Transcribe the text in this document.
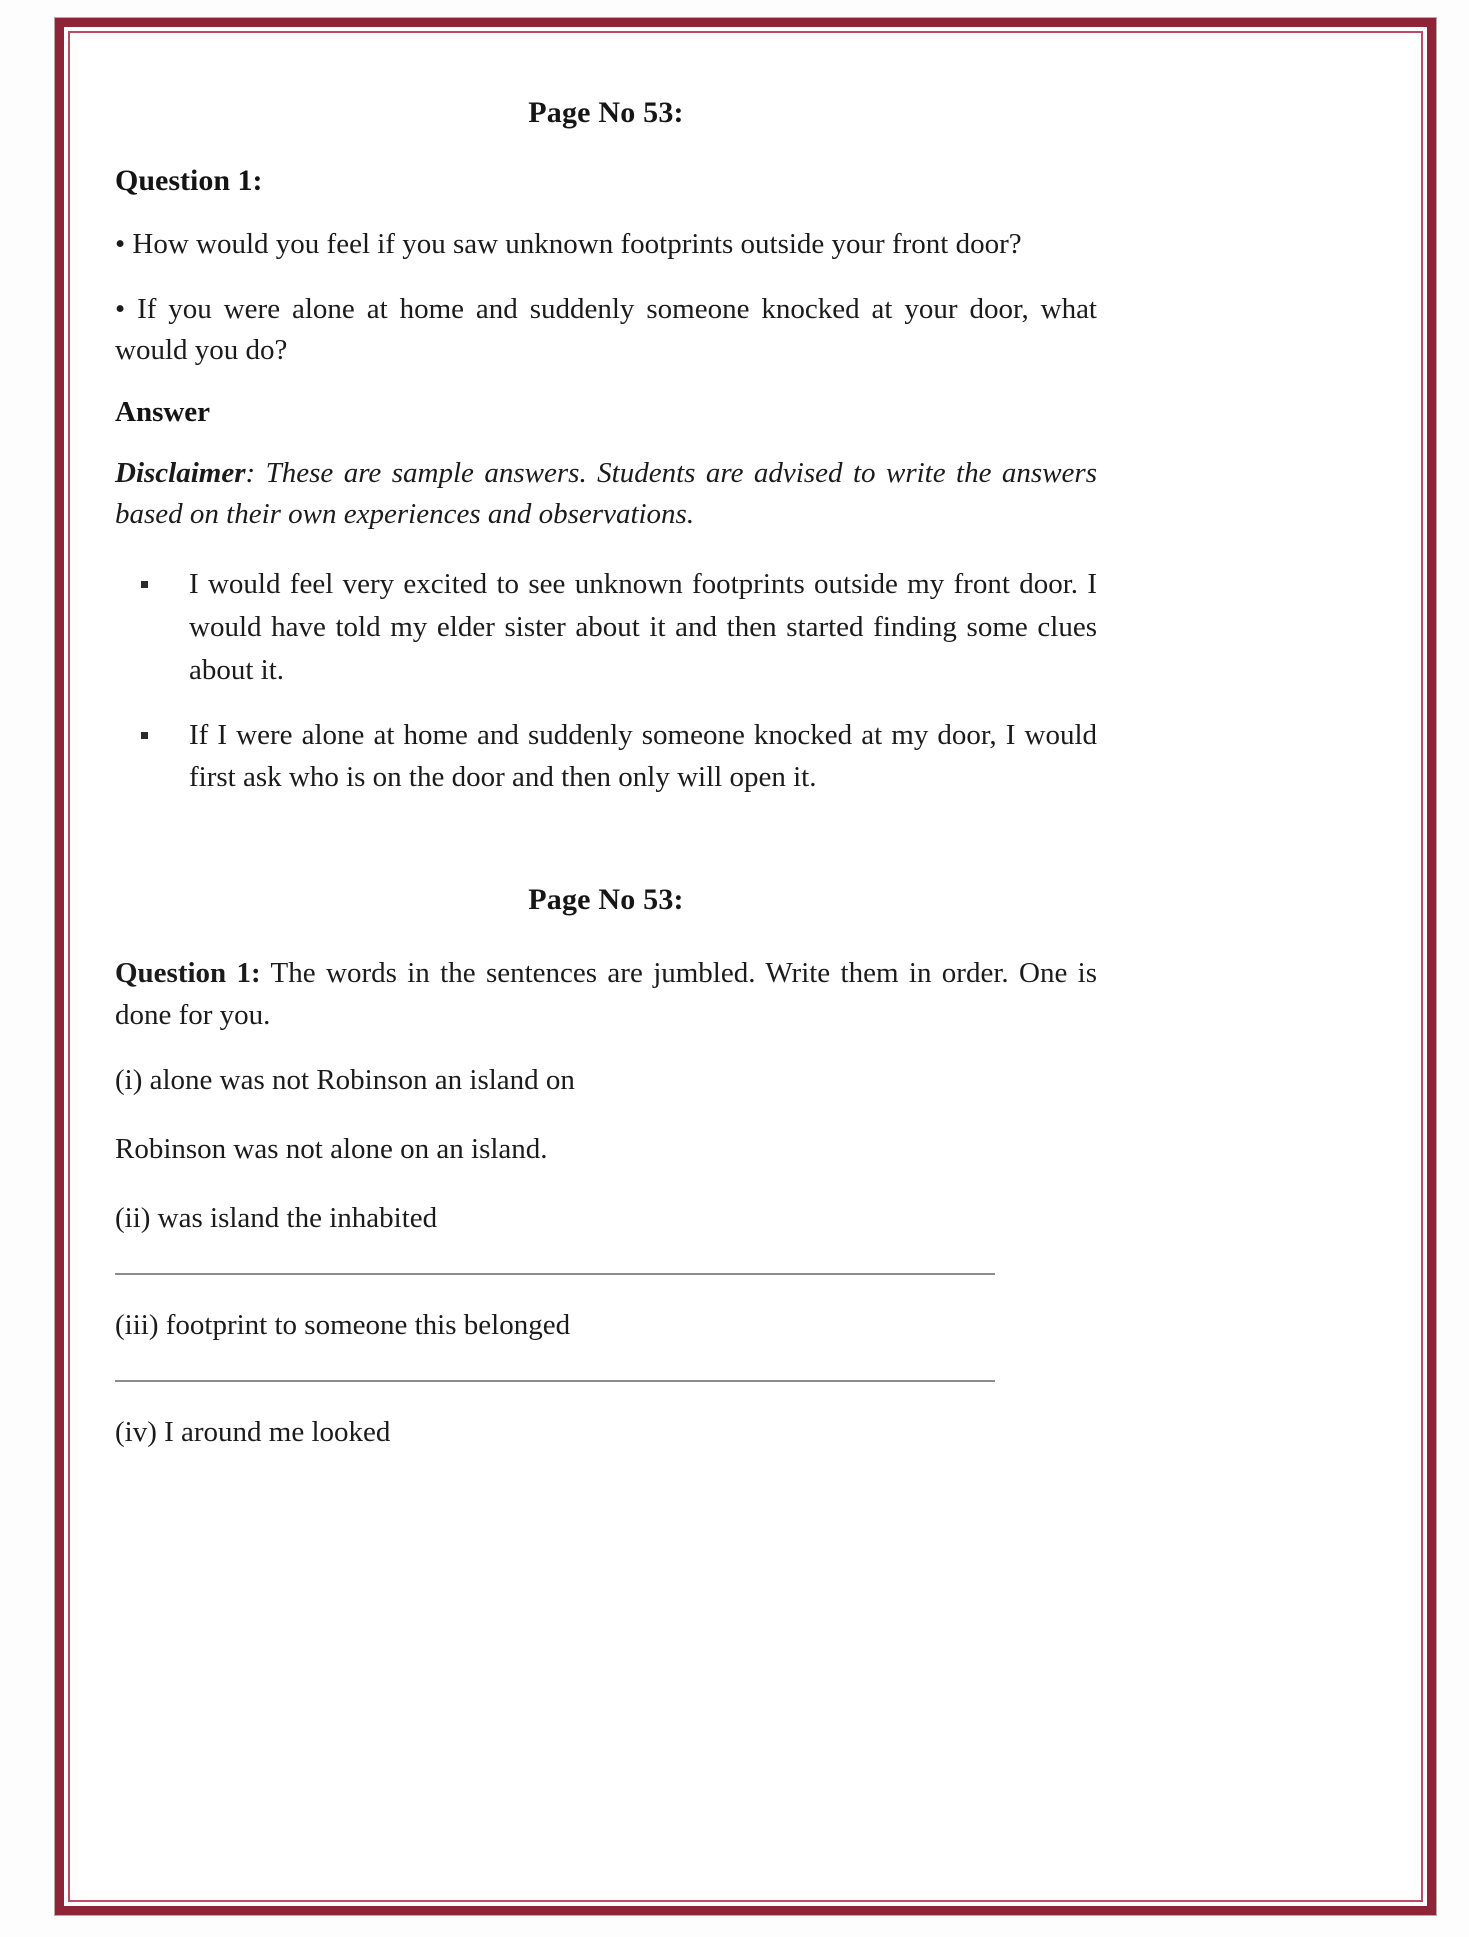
Page No 53:
Question 1:

• How would you feel if you saw unknown footprints outside your front door?

• If you were alone at home and suddenly someone knocked at your door, what would you do?

Answer

Disclaimer: These are sample answers. Students are advised to write the answers based on their own experiences and observations.

I would feel very excited to see unknown footprints outside my front door. I would have told my elder sister about it and then started finding some clues about it.
If I were alone at home and suddenly someone knocked at my door, I would first ask who is on the door and then only will open it.
Page No 53:

Question 1: The words in the sentences are jumbled. Write them in order. One is done for you.

(i) alone was not Robinson an island on
Robinson was not alone on an island.
(ii) was island the inhabited
(iii) footprint to someone this belonged
(iv) I around me looked
